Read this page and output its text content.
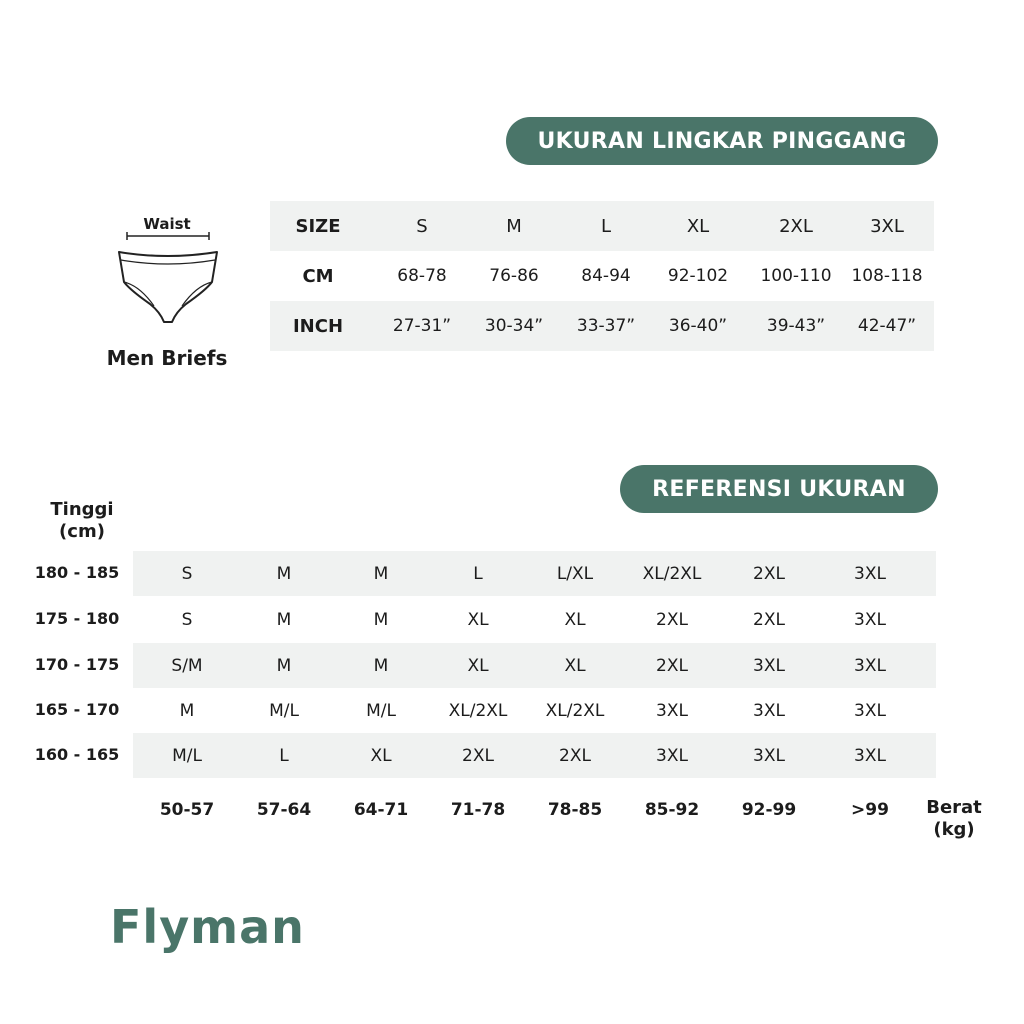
UKURAN LINGKAR PINGGANG
Waist
Men Briefs
SIZE	S	M	L	XL	2XL	3XL
CM	68-78	76-86	84-94	92-102	100-110	108-118
INCH	27-31”	30-34”	33-37”	36-40”	39-43”	42-47”
REFERENSI UKURAN
Tinggi
(cm)
180 - 185	S	M	M	L	L/XL	XL/2XL	2XL	3XL
175 - 180	S	M	M	XL	XL	2XL	2XL	3XL
170 - 175	S/M	M	M	XL	XL	2XL	3XL	3XL
165 - 170	M	M/L	M/L	XL/2XL	XL/2XL	3XL	3XL	3XL
160 - 165	M/L	L	XL	2XL	2XL	3XL	3XL	3XL
50-57	57-64	64-71	71-78	78-85	85-92	92-99	>99	Berat
(kg)
Flyman
